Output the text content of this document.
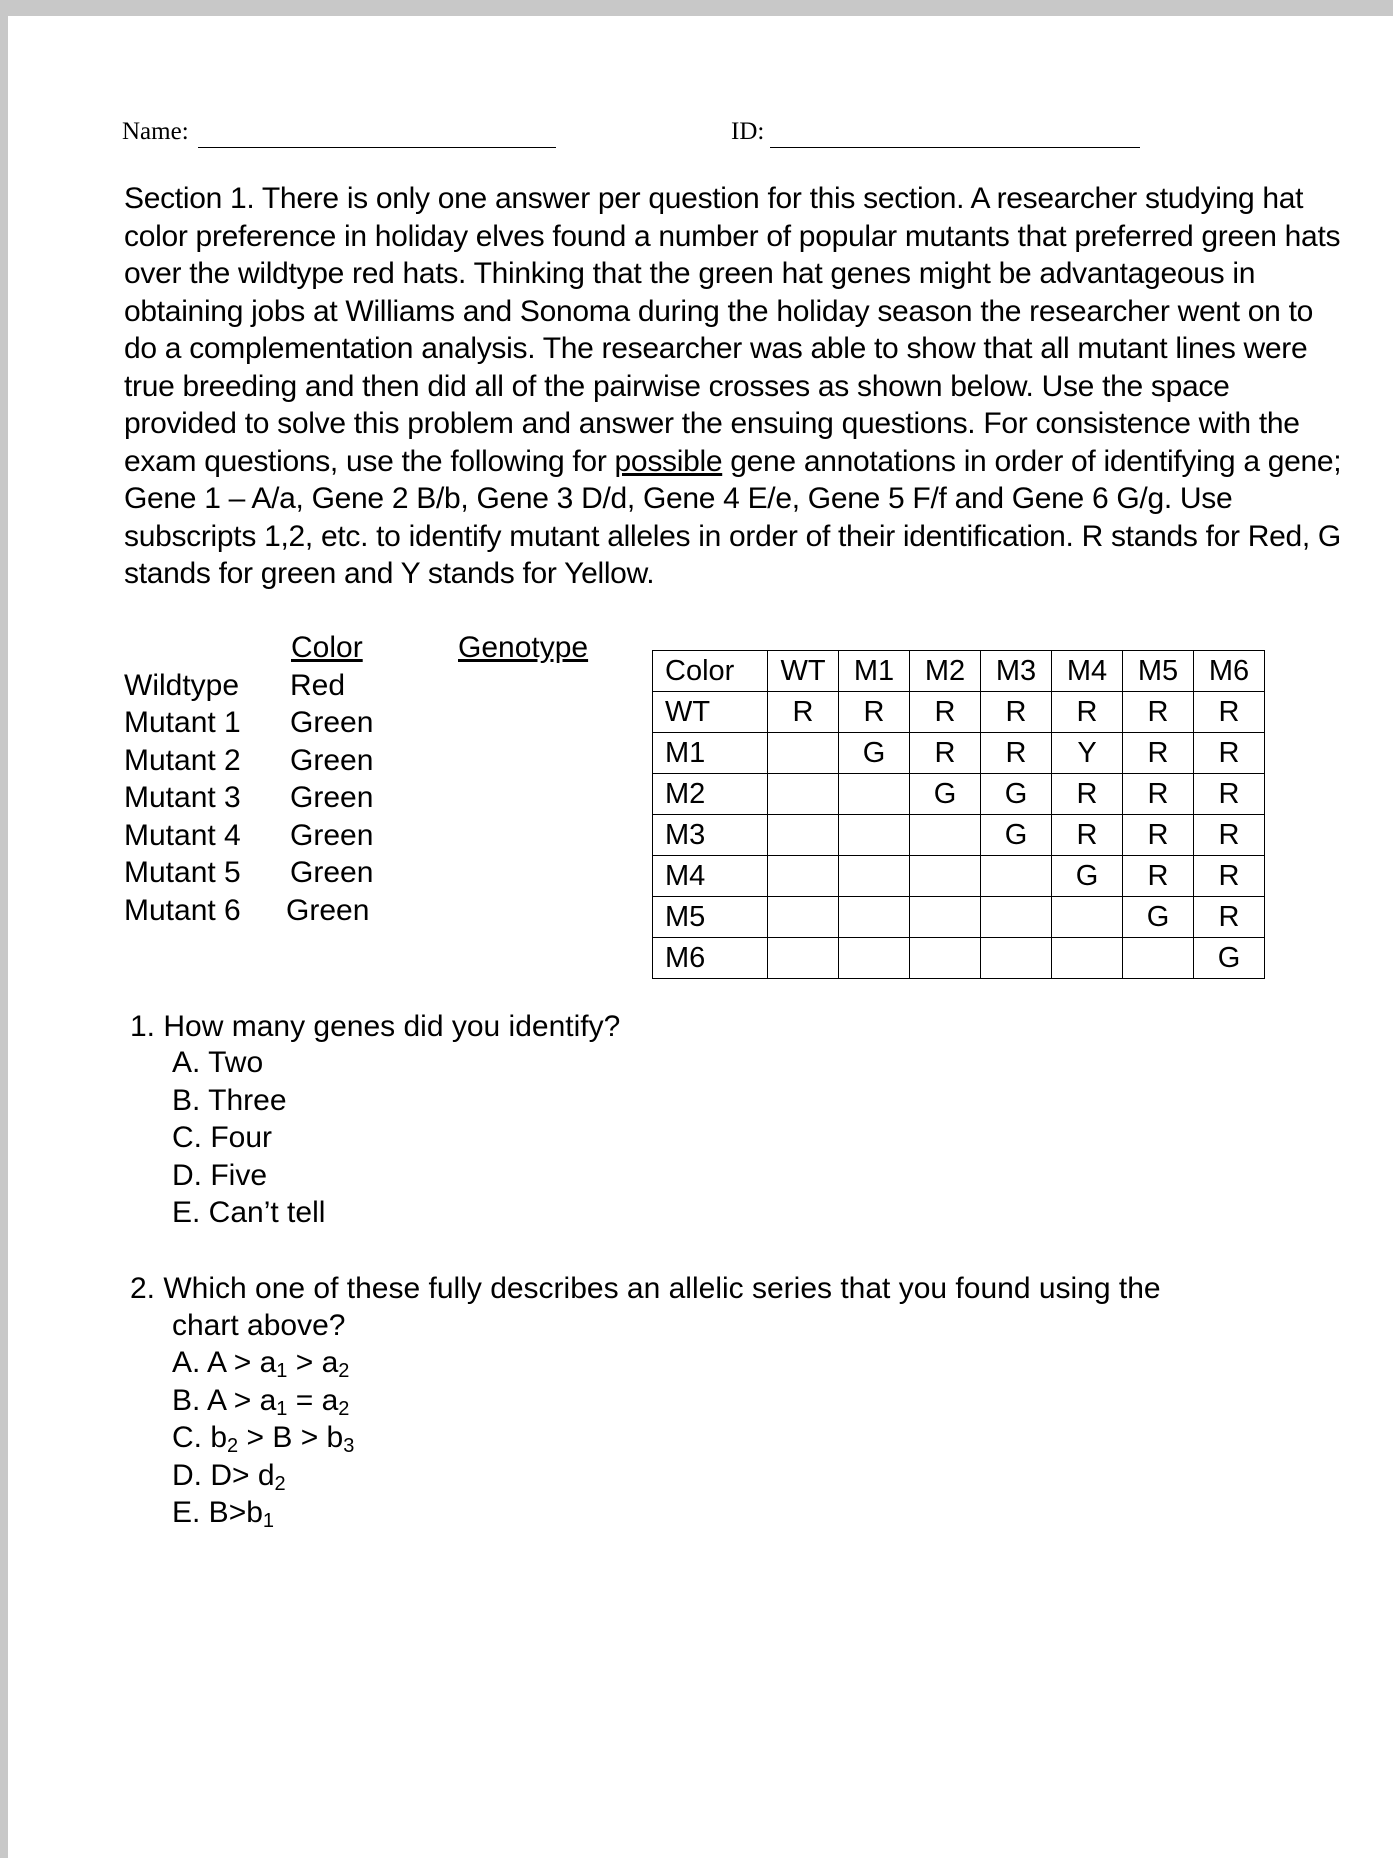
Name:	ID:

Section 1. There is only one answer per question for this section. A researcher studying hat color preference in holiday elves found a number of popular mutants that preferred green hats over the wildtype red hats. Thinking that the green hat genes might be advantageous in obtaining jobs at Williams and Sonoma during the holiday season the researcher went on to do a complementation analysis. The researcher was able to show that all mutant lines were true breeding and then did all of the pairwise crosses as shown below. Use the space provided to solve this problem and answer the ensuing questions. For consistence with the exam questions, use the following for possible gene annotations in order of identifying a gene; Gene 1 – A/a, Gene 2 B/b, Gene 3 D/d, Gene 4 E/e, Gene 5 F/f and Gene 6 G/g. Use subscripts 1,2, etc. to identify mutant alleles in order of their identification. R stands for Red, G stands for green and Y stands for Yellow.

Color	Genotype
Wildtype Red
Mutant 1 Green
Mutant 2 Green
Mutant 3 Green
Mutant 4 Green
Mutant 5 Green
Mutant 6 Green
Color	WT	M1	M2	M3	M4	M5	M6
WT	R	R	R	R	R	R	R
M1		G	R	R	Y	R	R
M2			G	G	R	R	R
M3				G	R	R	R
M4					G	R	R
M5						G	R
M6							G
1. How many genes did you identify?
A. Two
B. Three
C. Four
D. Five
E. Can’t tell
2. Which one of these fully describes an allelic series that you found using the
chart above?
A. $A > a_1 > a_2$
B. $A > a_1 = a_2$
C. $b_2 > B > b_3$
D. $D> d_2$
E. $B>b_1$
